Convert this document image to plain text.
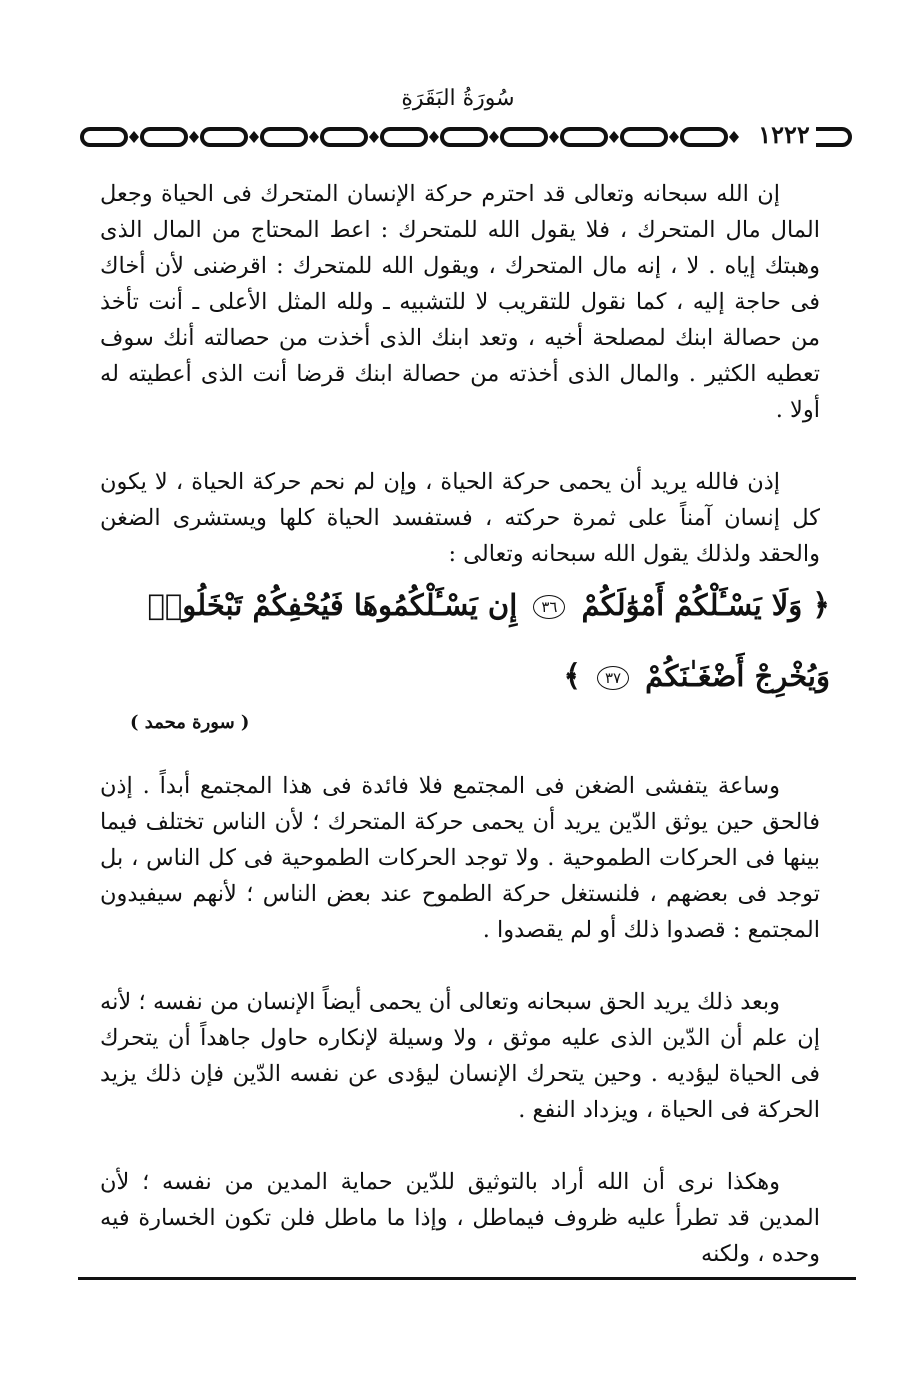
سُورَةُ البَقَرَةِ
١٢٢٢

إن الله سبحانه وتعالى قد احترم حركة الإنسان المتحرك فى الحياة وجعل المال مال المتحرك ، فلا يقول الله للمتحرك : اعط المحتاج من المال الذى وهبتك إياه . لا ، إنه مال المتحرك ، ويقول الله للمتحرك : اقرضنى لأن أخاك فى حاجة إليه ، كما نقول للتقريب لا للتشبيه ـ ولله المثل الأعلى ـ أنت تأخذ من حصالة ابنك لمصلحة أخيه ، وتعد ابنك الذى أخذت من حصالته أنك سوف تعطيه الكثير . والمال الذى أخذته من حصالة ابنك قرضا أنت الذى أعطيته له أولا .

إذن فالله يريد أن يحمى حركة الحياة ، وإن لم نحم حركة الحياة ، لا يكون كل إنسان آمناً على ثمرة حركته ، فستفسد الحياة كلها ويستشرى الضغن والحقد ولذلك يقول الله سبحانه وتعالى :

﴿ وَلَا يَسْـَٔلْكُمْ أَمْوَٰلَكُمْ ٣٦ إِن يَسْـَٔلْكُمُوهَا فَيُحْفِكُمْ تَبْخَلُوا۟ وَيُخْرِجْ أَضْغَـٰنَكُمْ ٣٧ ﴾
( سورة محمد )

وساعة يتفشى الضغن فى المجتمع فلا فائدة فى هذا المجتمع أبداً . إذن فالحق حين يوثق الدّين يريد أن يحمى حركة المتحرك ؛ لأن الناس تختلف فيما بينها فى الحركات الطموحية . ولا توجد الحركات الطموحية فى كل الناس ، بل توجد فى بعضهم ، فلنستغل حركة الطموح عند بعض الناس ؛ لأنهم سيفيدون المجتمع : قصدوا ذلك أو لم يقصدوا .

وبعد ذلك يريد الحق سبحانه وتعالى أن يحمى أيضاً الإنسان من نفسه ؛ لأنه إن علم أن الدّين الذى عليه موثق ، ولا وسيلة لإنكاره حاول جاهداً أن يتحرك فى الحياة ليؤديه . وحين يتحرك الإنسان ليؤدى عن نفسه الدّين فإن ذلك يزيد الحركة فى الحياة ، ويزداد النفع .

وهكذا نرى أن الله أراد بالتوثيق للدّين حماية المدين من نفسه ؛ لأن المدين قد تطرأ عليه ظروف فيماطل ، وإذا ما ماطل فلن تكون الخسارة فيه وحده ، ولكنه
